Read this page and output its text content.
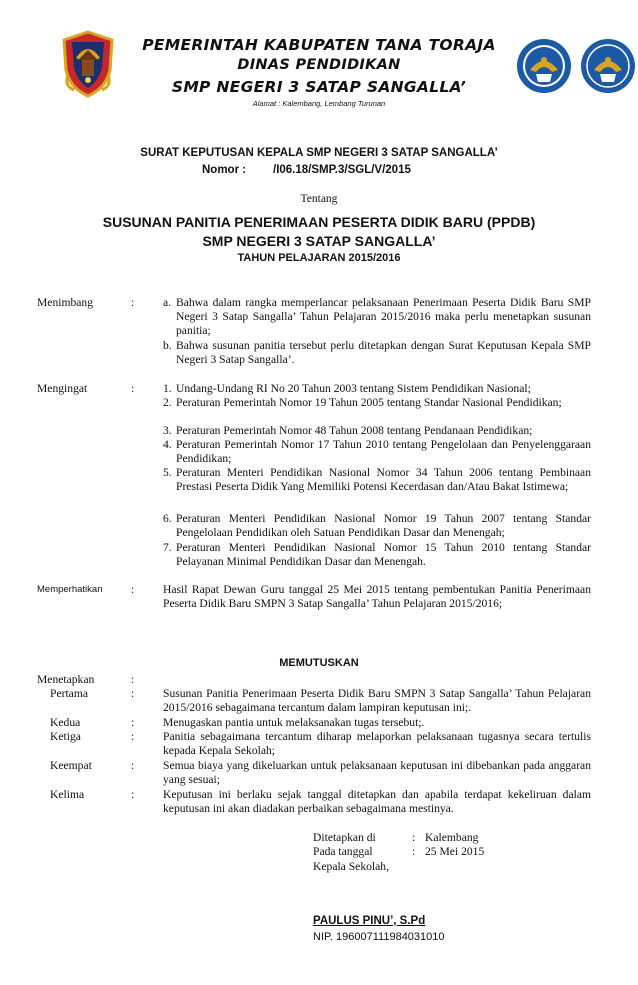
PEMERINTAH KABUPATEN TANA TORAJA
DINAS PENDIDIKAN
SMP NEGERI 3 SATAP SANGALLA’
Alamat : Kalembang, Lembang Turunan
SURAT KEPUTUSAN KEPALA SMP NEGERI 3 SATAP SANGALLA’
Nomor : /I06.18/SMP.3/SGL/V/2015
Tentang
SUSUNAN PANITIA PENERIMAAN PESERTA DIDIK BARU (PPDB)
SMP NEGERI 3 SATAP SANGALLA’
TAHUN PELAJARAN 2015/2016
Menimbang	: a. Bahwa dalam rangka memperlancar pelaksanaan Penerimaan Peserta Didik Baru SMP Negeri 3 Satap Sangalla’ Tahun Pelajaran 2015/2016 maka perlu menetapkan susunan panitia;
b. Bahwa susunan panitia tersebut perlu ditetapkan dengan Surat Keputusan Kepala SMP Negeri 3 Satap Sangalla’.
Mengingat	: 1. Undang-Undang RI No 20 Tahun 2003 tentang Sistem Pendidikan Nasional;
2. Peraturan Pemerintah Nomor 19 Tahun 2005 tentang Standar Nasional Pendidikan;
3. Peraturan Pemerintah Nomor 48 Tahun 2008 tentang Pendanaan Pendidikan;
4. Peraturan Pemerintah Nomor 17 Tahun 2010 tentang Pengelolaan dan Penyelenggaraan Pendidikan;
5. Peraturan Menteri Pendidikan Nasional Nomor 34 Tahun 2006 tentang Pembinaan Prestasi Peserta Didik Yang Memiliki Potensi Kecerdasan dan/Atau Bakat Istimewa;
6. Peraturan Menteri Pendidikan Nasional Nomor 19 Tahun 2007 tentang Standar Pengelolaan Pendidikan oleh Satuan Pendidikan Dasar dan Menengah;
7. Peraturan Menteri Pendidikan Nasional Nomor 15 Tahun 2010 tentang Standar Pelayanan Minimal Pendidikan Dasar dan Menengah.
Memperhatikan : Hasil Rapat Dewan Guru tanggal 25 Mei 2015 tentang pembentukan Panitia Penerimaan Peserta Didik Baru SMPN 3 Satap Sangalla’ Tahun Pelajaran 2015/2016;
MEMUTUSKAN
Menetapkan	:
Pertama	: Susunan Panitia Penerimaan Peserta Didik Baru SMPN 3 Satap Sangalla’ Tahun Pelajaran 2015/2016 sebagaimana tercantum dalam lampiran keputusan ini;.
Kedua	: Menugaskan pantia untuk melaksanakan tugas tersebut;.
Ketiga	: Panitia sebagaimana tercantum diharap melaporkan pelaksanaan tugasnya secara tertulis kepada Kepala Sekolah;
Keempat	: Semua biaya yang dikeluarkan untuk pelaksanaan keputusan ini dibebankan pada anggaran yang sesuai;
Kelima	: Keputusan ini berlaku sejak tanggal ditetapkan dan apabila terdapat kekeliruan dalam keputusan ini akan diadakan perbaikan sebagaimana mestinya.
Ditetapkan di	: Kalembang
Pada tanggal	: 25 Mei 2015
Kepala Sekolah,
PAULUS PINU’, S.Pd
NIP. 196007111984031010
